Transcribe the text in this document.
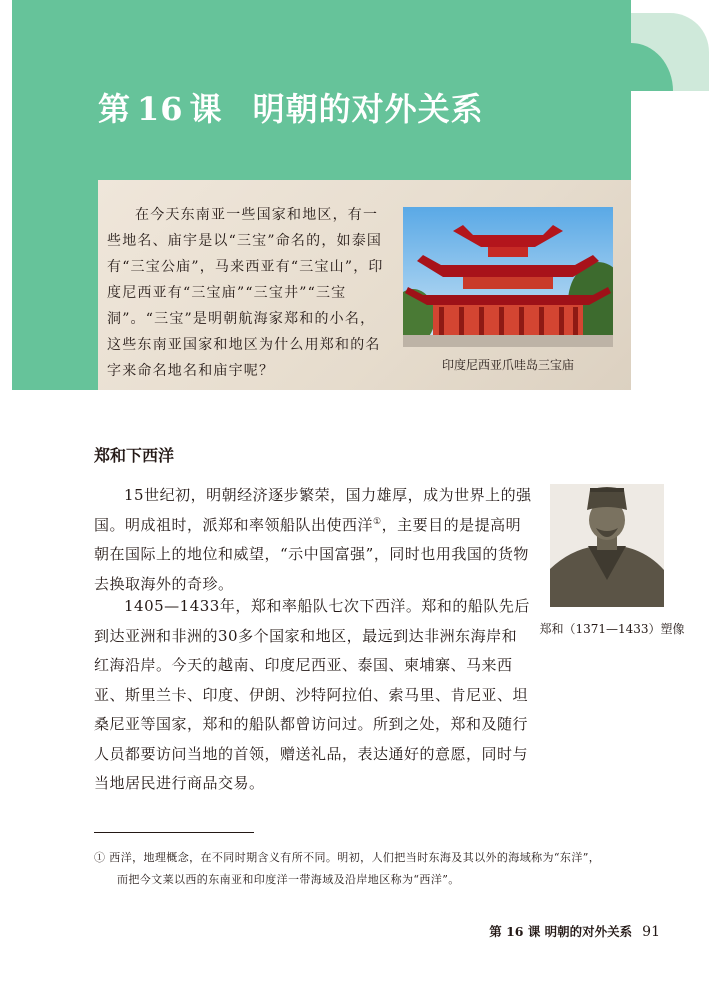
第 16 课 明朝的对外关系

在今天东南亚一些国家和地区，有一些地名、庙宇是以“三宝”命名的，如泰国有“三宝公庙”，马来西亚有“三宝山”，印度尼西亚有“三宝庙”“三宝井”“三宝洞”。“三宝”是明朝航海家郑和的小名，这些东南亚国家和地区为什么用郑和的名字来命名地名和庙宇呢？	印度尼西亚爪哇岛三宝庙
郑和下西洋

15世纪初，明朝经济逐步繁荣，国力雄厚，成为世界上的强国。明成祖时，派郑和率领船队出使西洋①，主要目的是提高明朝在国际上的地位和威望，“示中国富强”，同时也用我国的货物去换取海外的奇珍。

1405—1433年，郑和率船队七次下西洋。郑和的船队先后到达亚洲和非洲的30多个国家和地区，最远到达非洲东海岸和红海沿岸。今天的越南、印度尼西亚、泰国、柬埔寨、马来西亚、斯里兰卡、印度、伊朗、沙特阿拉伯、索马里、肯尼亚、坦桑尼亚等国家，郑和的船队都曾访问过。所到之处，郑和及随行人员都要访问当地的首领，赠送礼品，表达通好的意愿，同时与当地居民进行商品交易。

郑和（1371—1433）塑像

① 西洋，地理概念，在不同时期含义有所不同。明初，人们把当时东海及其以外的海域称为“东洋”，
而把今文莱以西的东南亚和印度洋一带海域及沿岸地区称为“西洋”。

第 16 课 明朝的对外关系 91
